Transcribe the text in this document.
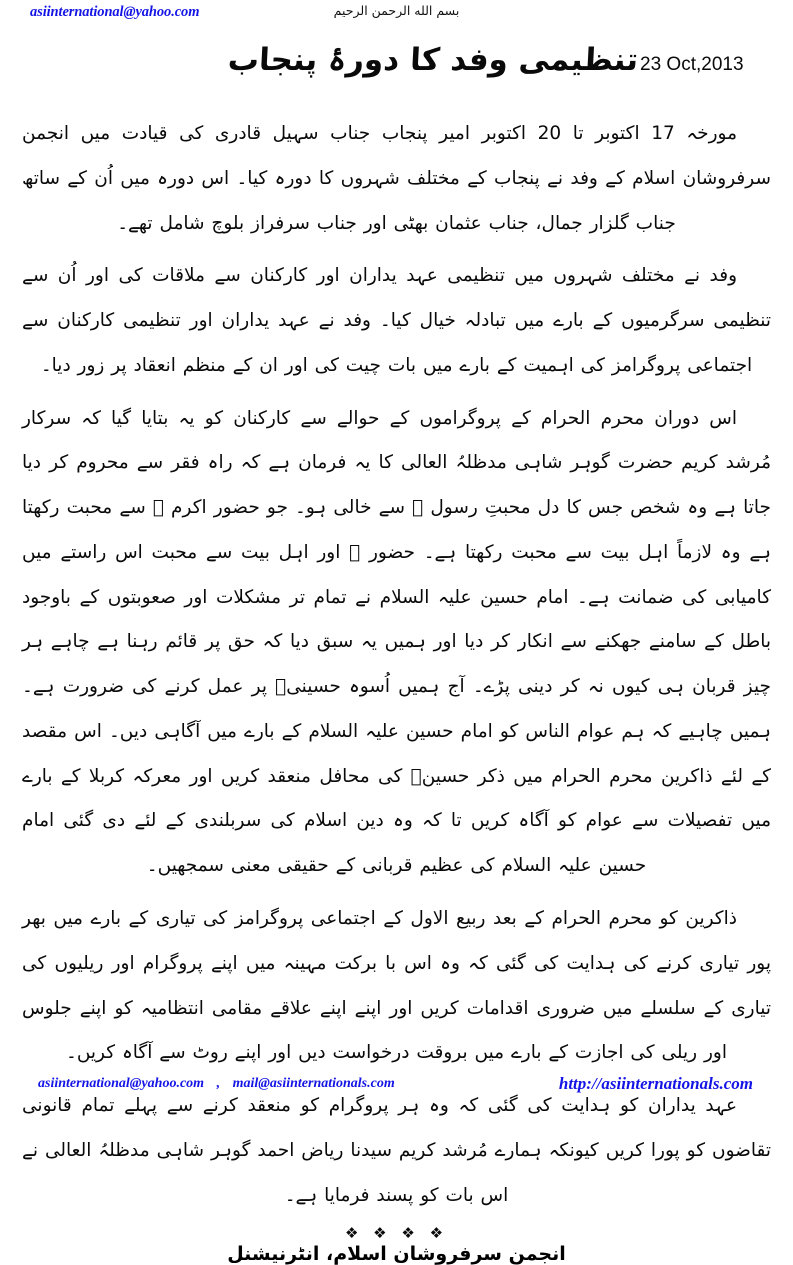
asiinternational@yahoo.com	بسم الله الرحمن الرحیم
تنظیمی وفد کا دورۂ پنجاب 23 Oct,2013

مورخہ 17 اکتوبر تا 20 اکتوبر امیر پنجاب جناب سہیل قادری کی قیادت میں انجمن سرفروشان اسلام کے وفد نے پنجاب کے مختلف شہروں کا دورہ کیا۔ اس دورہ میں اُن کے ساتھ جناب گلزار جمال، جناب عثمان بھٹی اور جناب سرفراز بلوچ شامل تھے۔

وفد نے مختلف شہروں میں تنظیمی عہد یداران اور کارکنان سے ملاقات کی اور اُن سے تنظیمی سرگرمیوں کے بارے میں تبادلہ خیال کیا۔ وفد نے عہد یداران اور تنظیمی کارکنان سے اجتماعی پروگرامز کی اہمیت کے بارے میں بات چیت کی اور ان کے منظم انعقاد پر زور دیا۔

اس دوران محرم الحرام کے پروگراموں کے حوالے سے کارکنان کو یہ بتایا گیا کہ سرکار مُرشد کریم حضرت گوہر شاہی مدظلہُ العالی کا یہ فرمان ہے کہ راہ فقر سے محروم کر دیا جاتا ہے وہ شخص جس کا دل محبتِ رسول ﷺ سے خالی ہو۔ جو حضور اکرم ﷺ سے محبت رکھتا ہے وہ لازماً اہل بیت سے محبت رکھتا ہے۔ حضور ﷺ اور اہل بیت سے محبت اس راستے میں کامیابی کی ضمانت ہے۔ امام حسین علیہ السلام نے تمام تر مشکلات اور صعوبتوں کے باوجود باطل کے سامنے جھکنے سے انکار کر دیا اور ہمیں یہ سبق دیا کہ حق پر قائم رہنا ہے چاہے ہر چیز قربان ہی کیوں نہ کر دینی پڑے۔ آج ہمیں اُسوہ حسینیؑ پر عمل کرنے کی ضرورت ہے۔ ہمیں چاہیے کہ ہم عوام الناس کو امام حسین علیہ السلام کے بارے میں آگاہی دیں۔ اس مقصد کے لئے ذاکرین محرم الحرام میں ذکر حسینؑ کی محافل منعقد کریں اور معرکہ کربلا کے بارے میں تفصیلات سے عوام کو آگاہ کریں تا کہ وہ دین اسلام کی سربلندی کے لئے دی گئی امام حسین علیہ السلام کی عظیم قربانی کے حقیقی معنی سمجھیں۔

ذاکرین کو محرم الحرام کے بعد ربیع الاول کے اجتماعی پروگرامز کی تیاری کے بارے میں بھر پور تیاری کرنے کی ہدایت کی گئی کہ وہ اس با برکت مہینہ میں اپنے پروگرام اور ریلیوں کی تیاری کے سلسلے میں ضروری اقدامات کریں اور اپنے اپنے علاقے مقامی انتظامیہ کو اپنے جلوس اور ریلی کی اجازت کے بارے میں بروقت درخواست دیں اور اپنے روٹ سے آگاہ کریں۔

عہد یداران کو ہدایت کی گئی کہ وہ ہر پروگرام کو منعقد کرنے سے پہلے تمام قانونی تقاضوں کو پورا کریں کیونکہ ہمارے مُرشد کریم سیدنا ریاض احمد گوہر شاہی مدظلہُ العالی نے اس بات کو پسند فرمایا ہے۔

❖ ❖ ❖ ❖
انجمن سرفروشان اسلام، انٹرنیشنل
asiinternational@yahoo.com , mail@asiinternationals.com	http://asiinternationals.com
